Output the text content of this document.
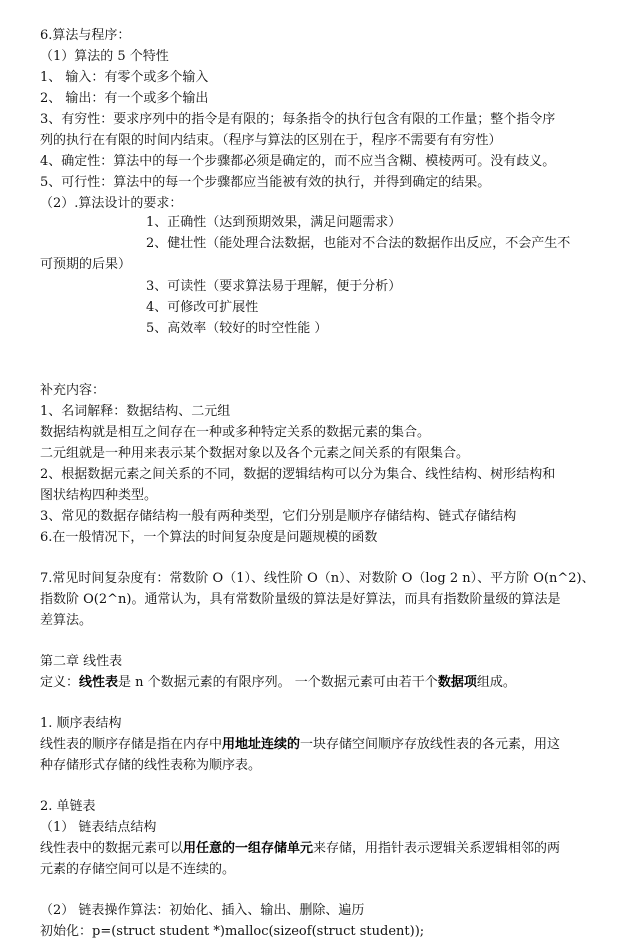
6.算法与程序：
（1）算法的 5 个特性
1、 输入：有零个或多个输入
2、 输出：有一个或多个输出
3、有穷性：要求序列中的指令是有限的；每条指令的执行包含有限的工作量；整个指令序
列的执行在有限的时间内结束。（程序与算法的区别在于，程序不需要有有穷性）
4、确定性：算法中的每一个步骤都必须是确定的，而不应当含糊、模棱两可。没有歧义。
5、可行性：算法中的每一个步骤都应当能被有效的执行，并得到确定的结果。
（2）.算法设计的要求：
1、正确性（达到预期效果，满足问题需求）
2、健壮性（能处理合法数据，也能对不合法的数据作出反应，不会产生不
可预期的后果）
3、可读性（要求算法易于理解，便于分析）
4、可修改可扩展性
5、高效率（较好的时空性能 ）
补充内容：
1、名词解释：数据结构、二元组
数据结构就是相互之间存在一种或多种特定关系的数据元素的集合。
二元组就是一种用来表示某个数据对象以及各个元素之间关系的有限集合。
2、根据数据元素之间关系的不同，数据的逻辑结构可以分为集合、线性结构、树形结构和
图状结构四种类型。
3、常见的数据存储结构一般有两种类型，它们分别是顺序存储结构、链式存储结构
6.在一般情况下，一个算法的时间复杂度是问题规模的函数
7.常见时间复杂度有：常数阶 O（1）、线性阶 O（n）、对数阶 O（log 2 n）、平方阶 O(n^2)、
指数阶 O(2^n)。通常认为，具有常数阶量级的算法是好算法，而具有指数阶量级的算法是
差算法。
第二章 线性表
定义：线性表是 n 个数据元素的有限序列。 一个数据元素可由若干个数据项组成。
1. 顺序表结构
线性表的顺序存储是指在内存中用地址连续的一块存储空间顺序存放线性表的各元素，用这
种存储形式存储的线性表称为顺序表。
2. 单链表
（1） 链表结点结构
线性表中的数据元素可以用任意的一组存储单元来存储，用指针表示逻辑关系逻辑相邻的两
元素的存储空间可以是不连续的。
（2） 链表操作算法：初始化、插入、输出、删除、遍历
初始化：p=(struct student *)malloc(sizeof(struct student));
